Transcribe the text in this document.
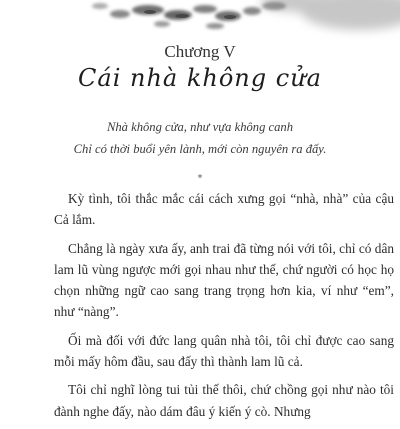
Chương V
Cái nhà không cửa
Nhà không cửa, như vựa không canh
Chỉ có thời buổi yên lành, mới còn nguyên ra đấy.
*

Kỳ tình, tôi thắc mắc cái cách xưng gọi “nhà, nhà” của cậu Cả lắm.

Chẳng là ngày xưa ấy, anh trai đã từng nói với tôi, chỉ có dân lam lũ vùng ngược mới gọi nhau như thế, chứ người có học họ chọn những ngữ cao sang trang trọng hơn kia, ví như “em”, như “nàng”.

Ối mà đối với đức lang quân nhà tôi, tôi chỉ được cao sang mỗi mấy hôm đầu, sau đấy thì thành lam lũ cả.

Tôi chỉ nghĩ lòng tui tủi thế thôi, chứ chồng gọi như nào tôi đành nghe đấy, nào dám đâu ý kiến ý cò. Nhưng
